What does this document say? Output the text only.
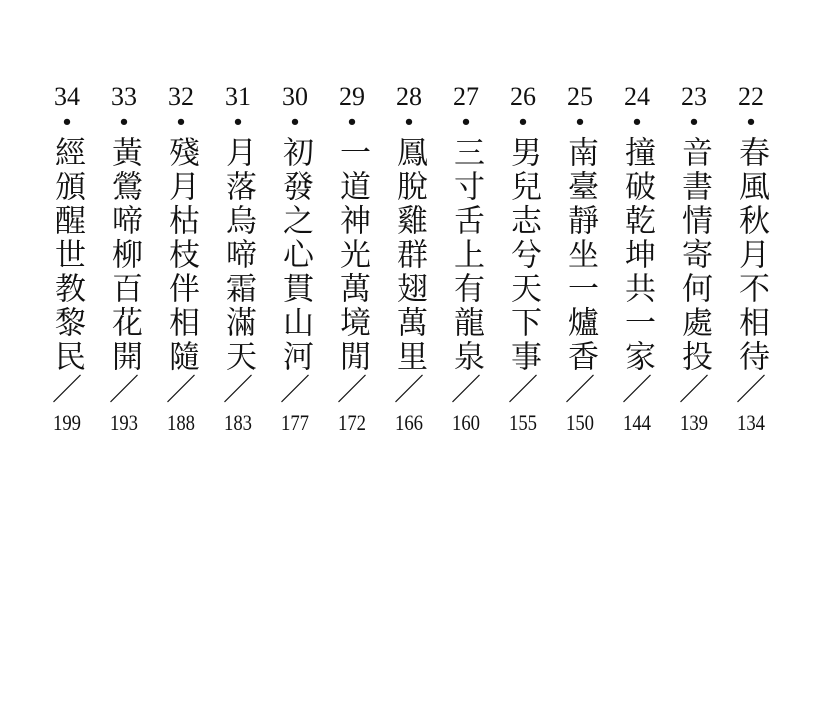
22
•
春風秋月不相待
／
134
23
•
音書情寄何處投
／
139
24
•
撞破乾坤共一家
／
144
25
•
南臺靜坐一爐香
／
150
26
•
男兒志兮天下事
／
155
27
•
三寸舌上有龍泉
／
160
28
•
鳳脫雞群翅萬里
／
166
29
•
一道神光萬境閒
／
172
30
•
初發之心貫山河
／
177
31
•
月落烏啼霜滿天
／
183
32
•
殘月枯枝伴相隨
／
188
33
•
黃鶯啼柳百花開
／
193
34
•
經頒醒世教黎民
／
199
